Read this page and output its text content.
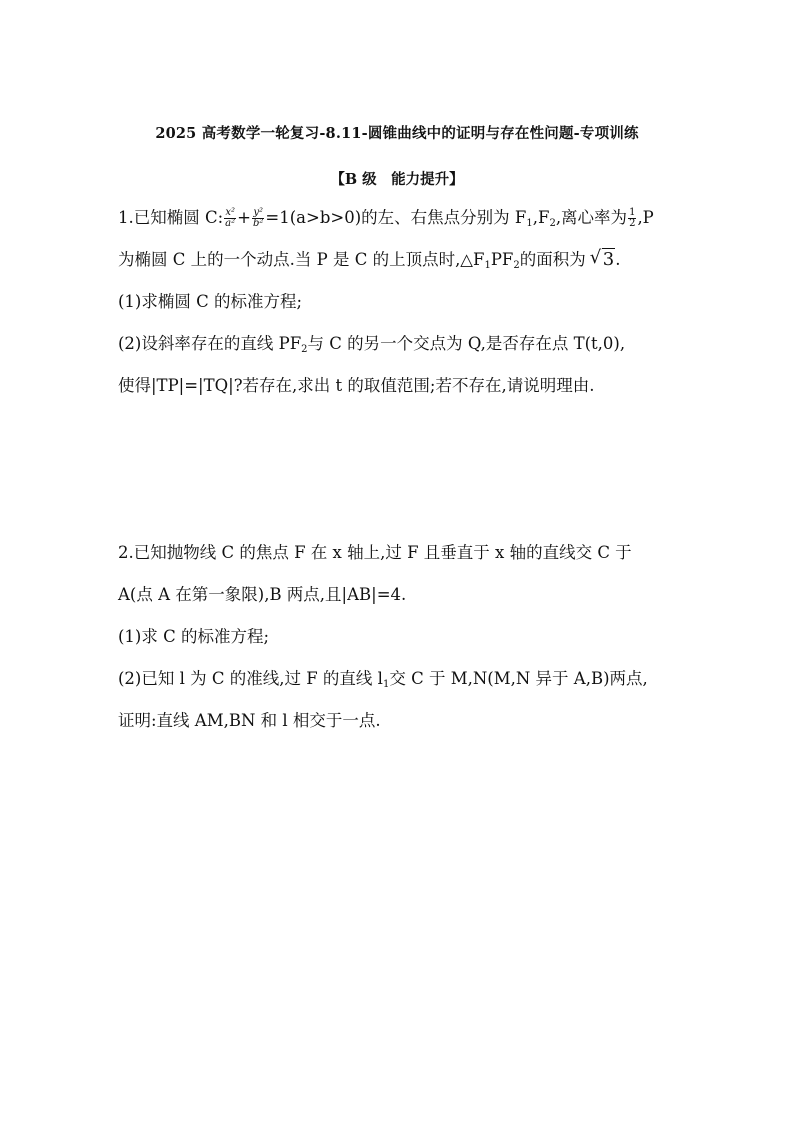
2025 高考数学一轮复习-8.11-圆锥曲线中的证明与存在性问题-专项训练
【B 级　能力提升】
1.已知椭圆 C: $\frac{\text{x²}}{\text{a²}} + \frac{\text{y²}}{\text{b²}} =1(a>b>0)$的左、右焦点分别为 $F_1,F_2$,离心率为 $\frac{1}{2} ,P$
为椭圆 C 上的一个动点.当 P 是 C 的上顶点时$,\triangle F_1PF_2$的面积为 √ 3.
(1)求椭圆 C 的标准方程;
(2)设斜率存在的直线 $PF_2$与 C 的另一个交点为 Q,是否存在点 T(t,0),
使得|TP|=|TQ|?若存在,求出 t 的取值范围;若不存在,请说明理由.
2.已知抛物线 C 的焦点 F 在 x 轴上,过 F 且垂直于 x 轴的直线交 C 于
A(点 A 在第一象限),B 两点,且|AB|=4.
(1)求 C 的标准方程;
(2)已知 l 为 C 的准线,过 F 的直线 $l_1$交 C 于 M,N(M,N 异于 A,B)两点,
证明:直线 AM,BN 和 l 相交于一点.
